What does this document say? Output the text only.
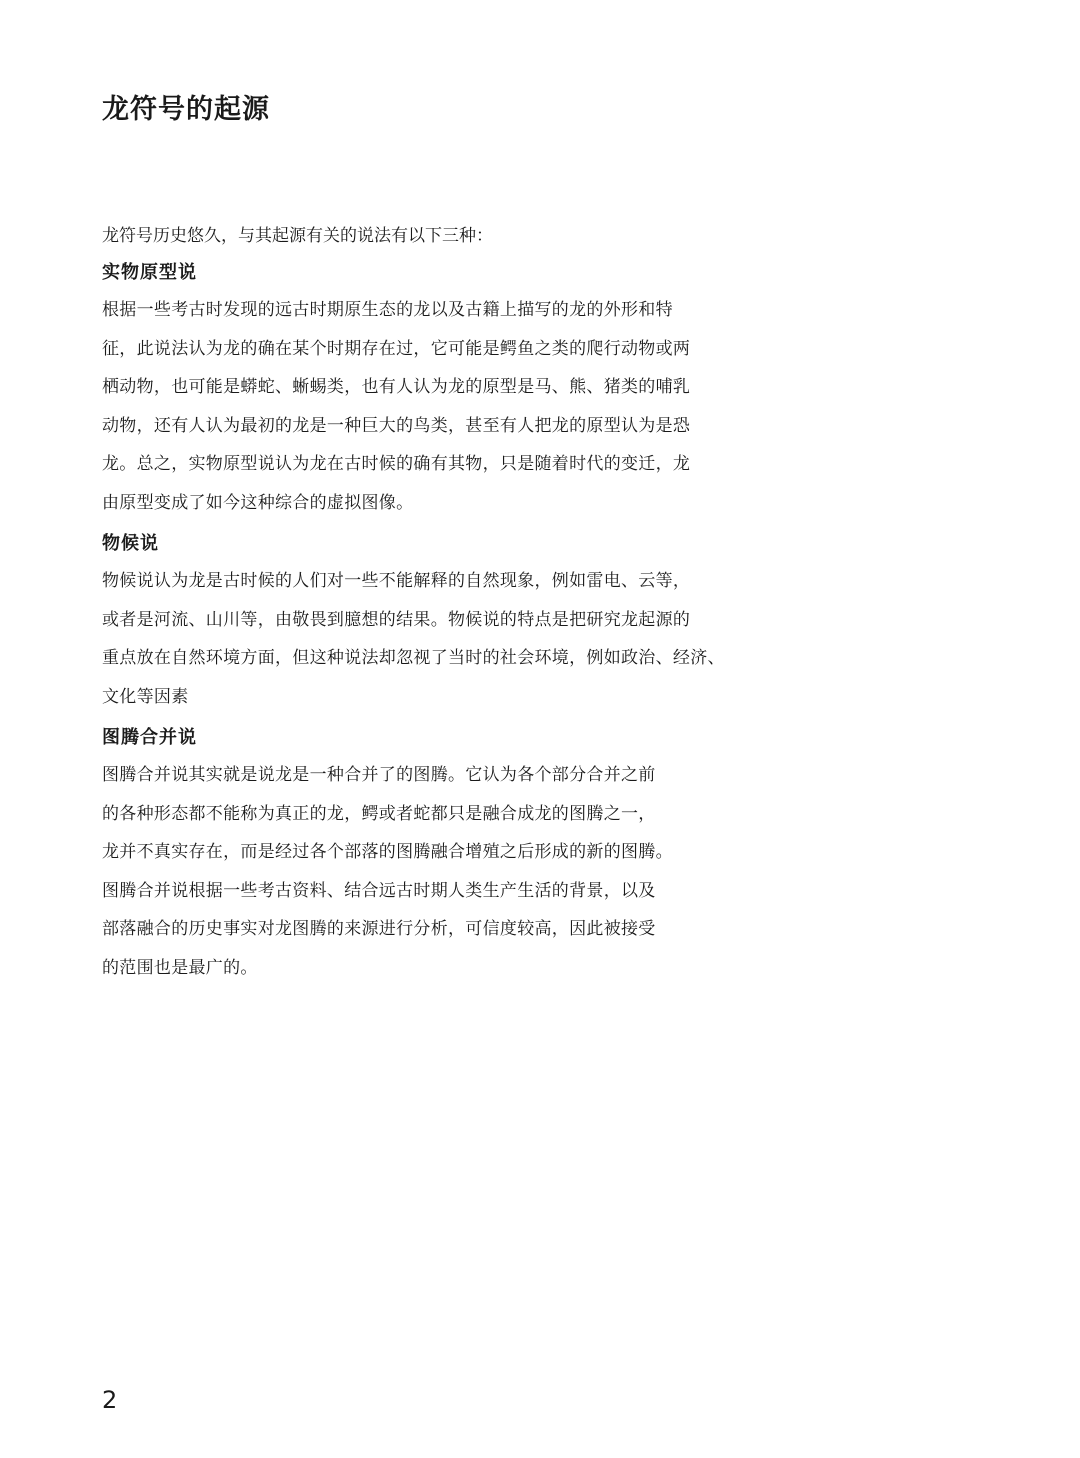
龙符号的起源

龙符号历史悠久，与其起源有关的说法有以下三种：

实物原型说
根据一些考古时发现的远古时期原生态的龙以及古籍上描写的龙的外形和特
征，此说法认为龙的确在某个时期存在过，它可能是鳄鱼之类的爬行动物或两
栖动物，也可能是蟒蛇、蜥蜴类，也有人认为龙的原型是马、熊、猪类的哺乳
动物，还有人认为最初的龙是一种巨大的鸟类，甚至有人把龙的原型认为是恐
龙。总之，实物原型说认为龙在古时候的确有其物，只是随着时代的变迁，龙
由原型变成了如今这种综合的虚拟图像。
物候说
物候说认为龙是古时候的人们对一些不能解释的自然现象，例如雷电、云等，
或者是河流、山川等，由敬畏到臆想的结果。物候说的特点是把研究龙起源的
重点放在自然环境方面，但这种说法却忽视了当时的社会环境，例如政治、经济、
文化等因素
图腾合并说
图腾合并说其实就是说龙是一种合并了的图腾。它认为各个部分合并之前
的各种形态都不能称为真正的龙，鳄或者蛇都只是融合成龙的图腾之一，
龙并不真实存在，而是经过各个部落的图腾融合增殖之后形成的新的图腾。
图腾合并说根据一些考古资料、结合远古时期人类生产生活的背景，以及
部落融合的历史事实对龙图腾的来源进行分析，可信度较高，因此被接受
的范围也是最广的。
2
